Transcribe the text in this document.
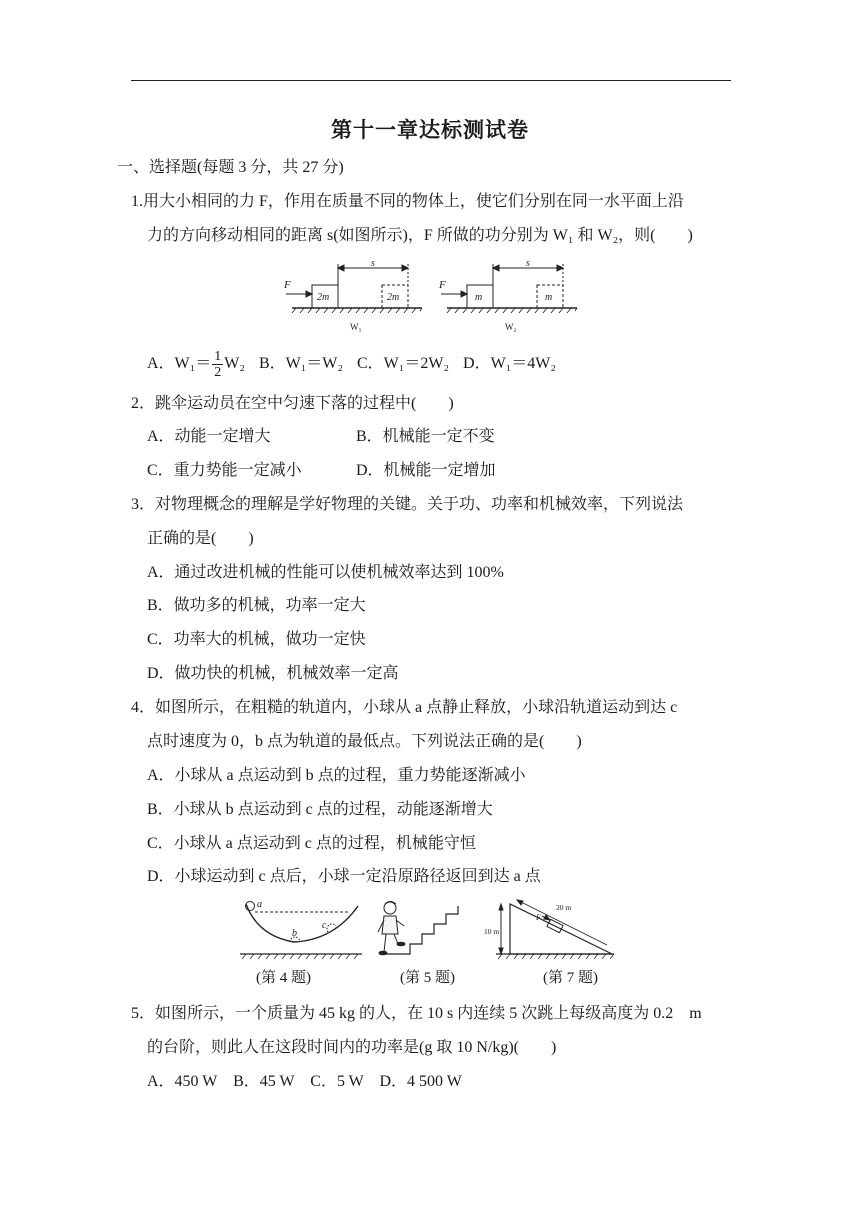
第十一章达标测试卷
一、选择题(每题 3 分，共 27 分)
1.用大小相同的力 F，作用在质量不同的物体上，使它们分别在同一水平面上沿
力的方向移动相同的距离 s(如图所示)，F 所做的功分别为 W₁ 和 W₂，则(　　)
F
s
2m	2m
W₁
F
s
m	m
W₂
A．$W_1= \frac{1}{2} W_2$ B．W₁＝W₂ C．W₁＝2W₂ D．W₁＝4W₂
2．跳伞运动员在空中匀速下落的过程中(　　)
A．动能一定增大	B．机械能一定不变
C．重力势能一定减小	D．机械能一定增加
3．对物理概念的理解是学好物理的关键。关于功、功率和机械效率，下列说法
正确的是(　　)
A．通过改进机械的性能可以使机械效率达到 100%
B．做功多的机械，功率一定大
C．功率大的机械，做功一定快
D．做功快的机械，机械效率一定高
4．如图所示，在粗糙的轨道内，小球从 a 点静止释放，小球沿轨道运动到达 c
点时速度为 0，b 点为轨道的最低点。下列说法正确的是(　　)
A．小球从 a 点运动到 b 点的过程，重力势能逐渐减小
B．小球从 b 点运动到 c 点的过程，动能逐渐增大
C．小球从 a 点运动到 c 点的过程，机械能守恒
D．小球运动到 c 点后，小球一定沿原路径返回到达 a 点
a
b
c
10 m
20 m
F
(第 4 题)	(第 5 题)	(第 7 题)
5．如图所示，一个质量为 45 kg 的人，在 10 s 内连续 5 次跳上每级高度为 0.2　m
的台阶，则此人在这段时间内的功率是(g 取 10 N/kg)(　　)
A．450 W　B．45 W　C．5 W　D．4 500 W
